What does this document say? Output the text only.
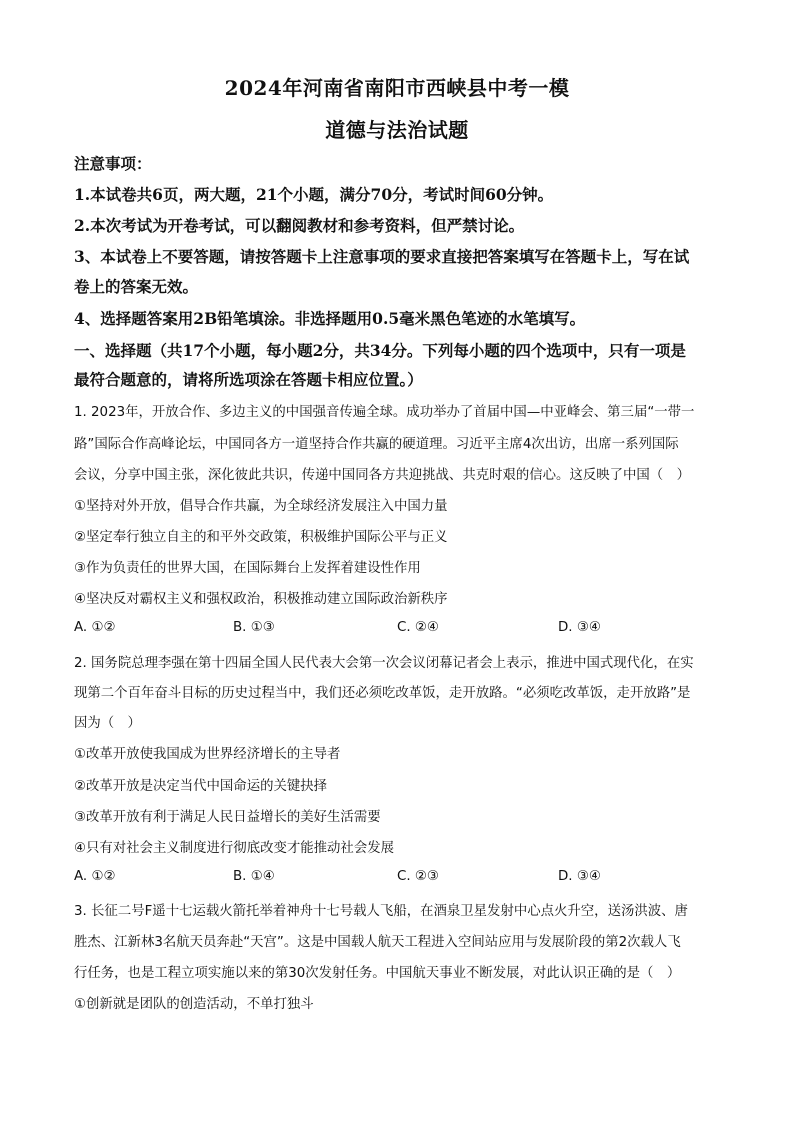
2024年河南省南阳市西峡县中考一模
道德与法治试题
注意事项：
1.本试卷共6页，两大题，21个小题，满分70分，考试时间60分钟。
2.本次考试为开卷考试，可以翻阅教材和参考资料，但严禁讨论。
3、本试卷上不要答题，请按答题卡上注意事项的要求直接把答案填写在答题卡上，写在试
卷上的答案无效。
4、选择题答案用2B铅笔填涂。非选择题用0.5毫米黑色笔迹的水笔填写。
一、选择题（共17个小题，每小题2分，共34分。下列每小题的四个选项中，只有一项是
最符合题意的，请将所选项涂在答题卡相应位置。）
1. 2023年，开放合作、多边主义的中国强音传遍全球。成功举办了首届中国—中亚峰会、第三届“一带一
路”国际合作高峰论坛，中国同各方一道坚持合作共赢的硬道理。习近平主席4次出访，出席一系列国际
会议，分享中国主张，深化彼此共识，传递中国同各方共迎挑战、共克时艰的信心。这反映了中国（　）
①坚持对外开放，倡导合作共赢，为全球经济发展注入中国力量
②坚定奉行独立自主的和平外交政策，积极维护国际公平与正义
③作为负责任的世界大国，在国际舞台上发挥着建设性作用
④坚决反对霸权主义和强权政治，积极推动建立国际政治新秩序
A. ①②	B. ①③	C. ②④	D. ③④
2. 国务院总理李强在第十四届全国人民代表大会第一次会议闭幕记者会上表示，推进中国式现代化，在实
现第二个百年奋斗目标的历史过程当中，我们还必须吃改革饭，走开放路。“必须吃改革饭，走开放路”是
因为（　）
①改革开放使我国成为世界经济增长的主导者
②改革开放是决定当代中国命运的关键抉择
③改革开放有利于满足人民日益增长的美好生活需要
④只有对社会主义制度进行彻底改变才能推动社会发展
A. ①②	B. ①④	C. ②③	D. ③④
3. 长征二号F遥十七运载火箭托举着神舟十七号载人飞船，在酒泉卫星发射中心点火升空，送汤洪波、唐
胜杰、江新林3名航天员奔赴“天宫”。这是中国载人航天工程进入空间站应用与发展阶段的第2次载人飞
行任务，也是工程立项实施以来的第30次发射任务。中国航天事业不断发展，对此认识正确的是（　）
①创新就是团队的创造活动，不单打独斗
